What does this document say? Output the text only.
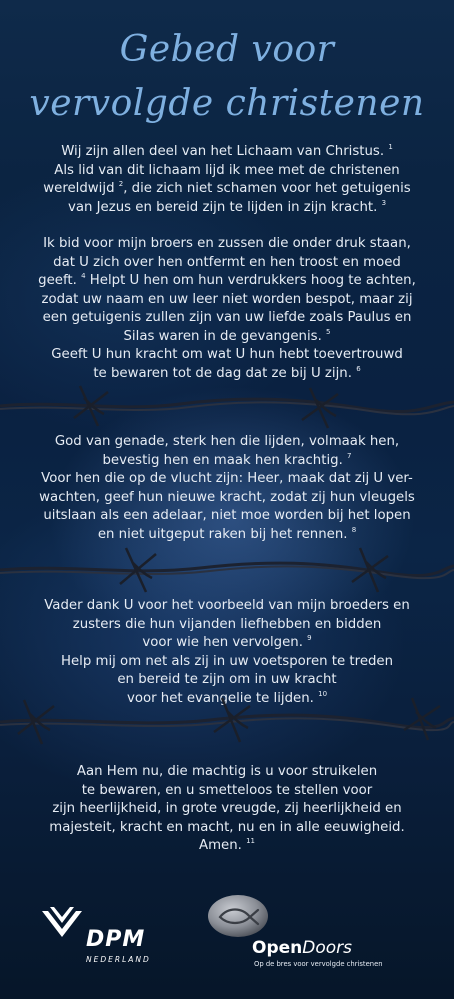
Gebed voor
vervolgde christenen
Wij zijn allen deel van het Lichaam van Christus. $^1$
Als lid van dit lichaam lijd ik mee met de christenen
wereldwijd $^2$, die zich niet schamen voor het getuigenis
van Jezus en bereid zijn te lijden in zijn kracht. $^3$
Ik bid voor mijn broers en zussen die onder druk staan,
dat U zich over hen ontfermt en hen troost en moed
geeft. $^4$ Helpt U hen om hun verdrukkers hoog te achten,
zodat uw naam en uw leer niet worden bespot, maar zij
een getuigenis zullen zijn van uw liefde zoals Paulus en
Silas waren in de gevangenis. $^5$
Geeft U hun kracht om wat U hun hebt toevertrouwd
te bewaren tot de dag dat ze bij U zijn. $^6$
God van genade, sterk hen die lijden, volmaak hen,
bevestig hen en maak hen krachtig. $^7$
Voor hen die op de vlucht zijn: Heer, maak dat zij U ver-
wachten, geef hun nieuwe kracht, zodat zij hun vleugels
uitslaan als een adelaar, niet moe worden bij het lopen
en niet uitgeput raken bij het rennen. $^8$
Vader dank U voor het voorbeeld van mijn broeders en
zusters die hun vijanden liefhebben en bidden
voor wie hen vervolgen. $^9$
Help mij om net als zij in uw voetsporen te treden
en bereid te zijn om in uw kracht
voor het evangelie te lijden. $^{10}$
Aan Hem nu, die machtig is u voor struikelen
te bewaren, en u smetteloos te stellen voor
zijn heerlijkheid, in grote vreugde, zij heerlijkheid en
majesteit, kracht en macht, nu en in alle eeuwigheid.
Amen. $^{11}$
DPM
NEDERLAND
OpenDoors
Op de bres voor vervolgde christenen
